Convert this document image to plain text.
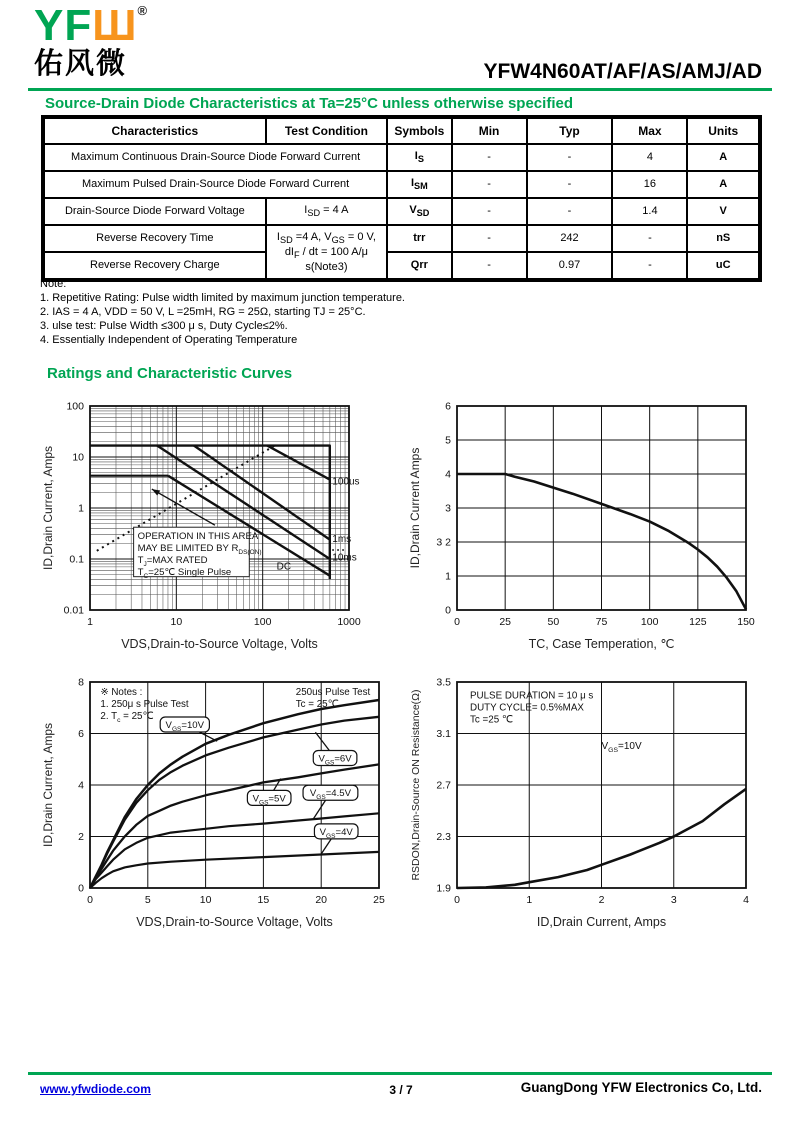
YFШ®
佑风微	YFW4N60AT/AF/AS/AMJ/AD
Source-Drain Diode Characteristics at Ta=25°C unless otherwise specified
Characteristics	Test Condition	Symbols	Min	Typ	Max	Units
Maximum Continuous Drain-Source Diode Forward Current		$I_S$	-	-	4	A
Maximum Pulsed Drain-Source Diode Forward Current		$I_{SM}$	-	-	16	A
Drain-Source Diode Forward Voltage	$I_{SD} = 4$ A	$V_{SD}$	-	-	1.4	V
Reverse Recovery Time	$I_{SD} =4$ A, $V_{GS} = 0$ V,
$dI_F$ / dt = 100 A/μ
s(Note3)	trr	-	242	-	nS
Reverse Recovery Charge		Qrr	-	0.97	-	uC
Note:
1. Repetitive Rating: Pulse width limited by maximum junction temperature.
2. IAS = 4 A, VDD = 50 V, L =25mH, RG = 25Ω, starting TJ = 25°C.
3. ulse test: Pulse Width ≤300 μ s, Duty Cycle≤2%.
4. Essentially Independent of Operating Temperature
Ratings and Characteristic Curves
1	10	100	1000
0.01
0.1
1
10
100
OPERATION IN THIS AREA
MAY BE LIMITED BY $R_{DS(ON)}$
$T_J=MAX$ RATED
$T_C=25℃$ Single Pulse
100us
1ms
10ms
DC
VDS,Drain-to-Source Voltage, Volts
ID,Drain Current, Amps
0	25	50	75	100	125	150
0
1
3 2
3
4
5
6
TC, Case Temperation, ℃
ID,Drain Current Amps
0	5	10	15	20	25
0
2
4
6
8
※ Notes :
1. 250μ s Pulse Test
2. $T_c$ = 25℃
250us Pulse Test
Tc = 25℃
$V_{GS}=10V$
$V_{GS}=6V$
$V_{GS}=5V$	$V_{GS}=4.5V$
$V_{GS}=4V$
VDS,Drain-to-Source Voltage, Volts
ID,Drain Current, Amps
0	1	2	3	4
1.9
2.3
2.7
3.1
3.5
$V_{GS}=10V$
PULSE DURATION = 10 μ s
DUTY CYCLE= 0.5%MAX
Tc =25 ℃
ID,Drain Current, Amps
RSDON,Drain-Source ON Resistance(Ω)
www.yfwdiode.com	3 / 7	GuangDong YFW Electronics Co, Ltd.
